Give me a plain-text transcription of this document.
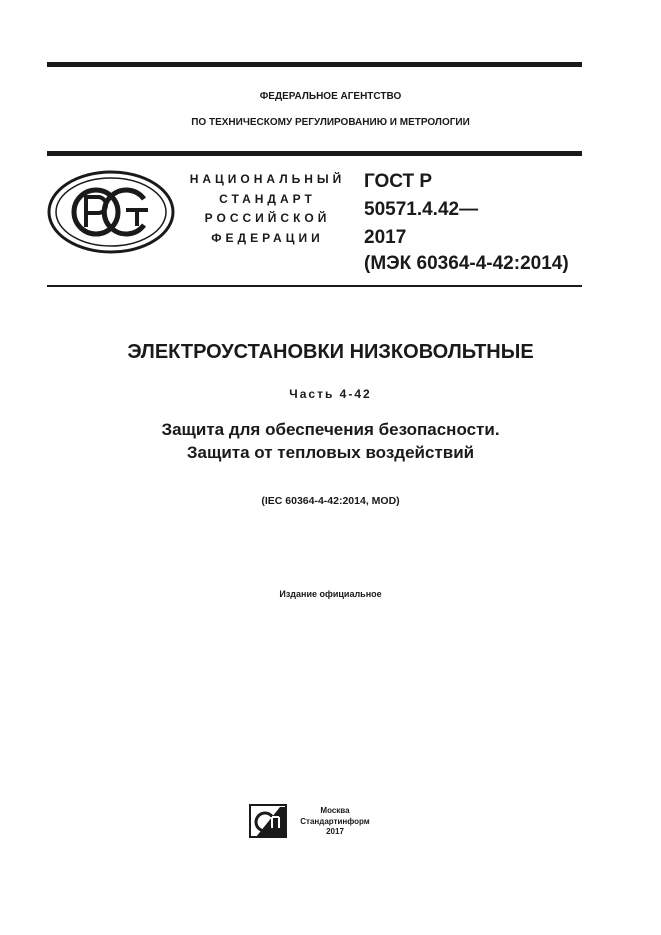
ФЕДЕРАЛЬНОЕ АГЕНТСТВО
ПО ТЕХНИЧЕСКОМУ РЕГУЛИРОВАНИЮ И МЕТРОЛОГИИ
НАЦИОНАЛЬНЫЙ
СТАНДАРТ
РОССИЙСКОЙ
ФЕДЕРАЦИИ
ГОСТ Р
50571.4.42—
2017
(МЭК 60364-4-42:2014)
ЭЛЕКТРОУСТАНОВКИ НИЗКОВОЛЬТНЫЕ
Часть 4-42
Защита для обеспечения безопасности.
Защита от тепловых воздействий
(IEC 60364-4-42:2014, MOD)
Издание официальное
Москва
Стандартинформ
2017
